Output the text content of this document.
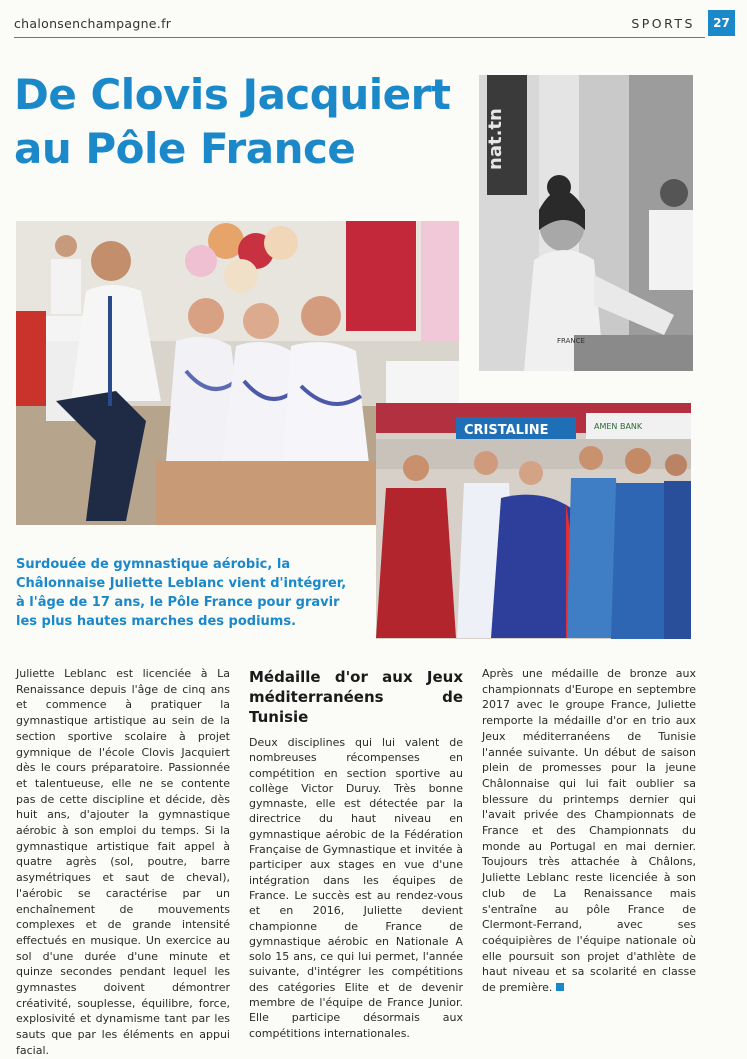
chalonsenchampagne.fr	SPORTS	27
De Clovis Jacquiert au Pôle France	nat.tn
FRANCE
CRISTALINE	AMEN BANK

Surdouée de gymnastique aérobic, la Châlonnaise Juliette Leblanc vient d'intégrer, à l'âge de 17 ans, le Pôle France pour gravir les plus hautes marches des podiums.

Juliette Leblanc est licenciée à La Renaissance depuis l'âge de cinq ans et commence à pratiquer la gymnastique artistique au sein de la section sportive scolaire à projet gymnique de l'école Clovis Jacquiert dès le cours préparatoire. Passionnée et talentueuse, elle ne se contente pas de cette discipline et décide, dès huit ans, d'ajouter la gymnastique aérobic à son emploi du temps. Si la gymnastique artistique fait appel à quatre agrès (sol, poutre, barre asymétriques et saut de cheval), l'aérobic se caractérise par un enchaînement de mouvements complexes et de grande intensité effectués en musique. Un exercice au sol d'une durée d'une minute et quinze secondes pendant lequel les gymnastes doivent démontrer créativité, souplesse, équilibre, force, explosivité et dynamisme tant par les sauts que par les éléments en appui facial.

Médaille d'or aux Jeux méditerranéens de Tunisie

Deux disciplines qui lui valent de nombreuses récompenses en compétition en section sportive au collège Victor Duruy. Très bonne gymnaste, elle est détectée par la directrice du haut niveau en gymnastique aérobic de la Fédération Française de Gymnastique et invitée à participer aux stages en vue d'une intégration dans les équipes de France. Le succès est au rendez-vous et en 2016, Juliette devient championne de France de gymnastique aérobic en Nationale A solo 15 ans, ce qui lui permet, l'année suivante, d'intégrer les compétitions des catégories Elite et de devenir membre de l'équipe de France Junior. Elle participe désormais aux compétitions internationales.

Après une médaille de bronze aux championnats d'Europe en septembre 2017 avec le groupe France, Juliette remporte la médaille d'or en trio aux Jeux méditerranéens de Tunisie l'année suivante. Un début de saison plein de promesses pour la jeune Châlonnaise qui lui fait oublier sa blessure du printemps dernier qui l'avait privée des Championnats de France et des Championnats du monde au Portugal en mai dernier. Toujours très attachée à Châlons, Juliette Leblanc reste licenciée à son club de La Renaissance mais s'entraîne au pôle France de Clermont-Ferrand, avec ses coéquipières de l'équipe nationale où elle poursuit son projet d'athlète de haut niveau et sa scolarité en classe de première.
